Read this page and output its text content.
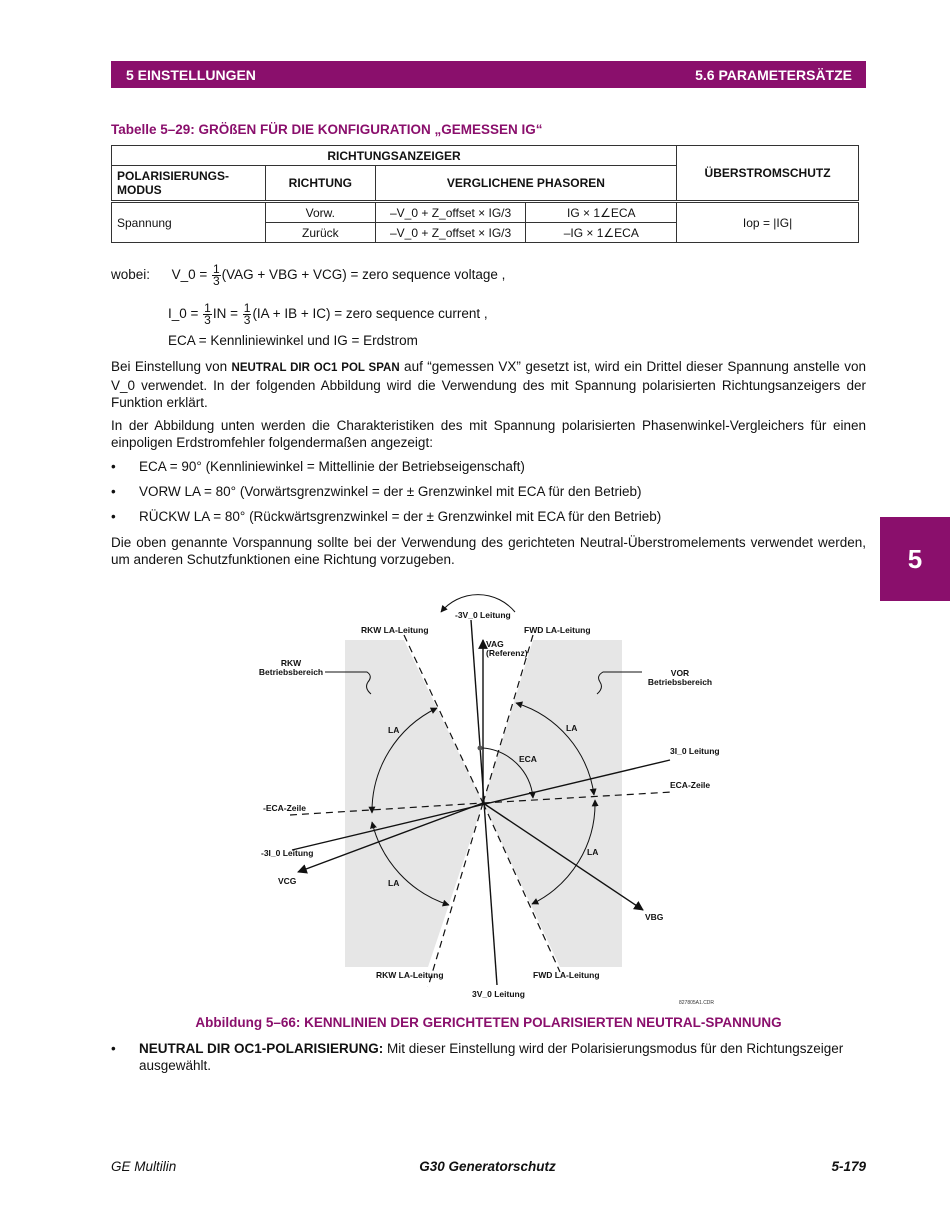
5 EINSTELLUNGEN	5.6 PARAMETERSÄTZE
5
Tabelle 5–29: GRÖßEN FÜR DIE KONFIGURATION „GEMESSEN IG“
RICHTUNGSANZEIGER				ÜBERSTROMSCHUTZ
POLARISIERUNGS-MODUS	RICHTUNG	VERGLICHENE PHASOREN		
Spannung	Vorw.	–V_0 + Z_offset × IG/3	IG × 1∠ECA	Iop = |IG|
	Zurück	–V_0 + Z_offset × IG/3	–IG × 1∠ECA	
wobei: V_0 = $\frac{1}{3} (VAG$ + VBG + VCG) = zero sequence voltage ,
I_0 = $\frac{1}{3}$ IN = $\frac{1}{3} (IA$ + IB + IC) = zero sequence current ,
ECA = Kennliniewinkel und IG = Erdstrom
Bei Einstellung von NEUTRAL DIR OC1 POL SPAN auf “gemessen VX” gesetzt ist, wird ein Drittel dieser Spannung anstelle von V_0 verwendet. In der folgenden Abbildung wird die Verwendung des mit Spannung polarisierten Richtungsanzeigers der Funktion erklärt.
In der Abbildung unten werden die Charakteristiken des mit Spannung polarisierten Phasenwinkel-Vergleichers für einen einpoligen Erdstromfehler folgendermaßen angezeigt:
• ECA = 90° (Kennliniewinkel = Mittellinie der Betriebseigenschaft)
• VORW LA = 80° (Vorwärtsgrenzwinkel = der ± Grenzwinkel mit ECA für den Betrieb)
• RÜCKW LA = 80° (Rückwärtsgrenzwinkel = der ± Grenzwinkel mit ECA für den Betrieb)
Die oben genannte Vorspannung sollte bei der Verwendung des gerichteten Neutral-Überstromelements verwendet werden, um anderen Schutzfunktionen eine Richtung vorzugeben.
-3V_0 Leitung
RKW LA-Leitung	FWD LA-Leitung
VAG
(Referenz)
RKW
Betriebsbereich	VOR
Betriebsbereich
LA	LA
LA
LA
ECA
3I_0 Leitung
ECA-Zeile
-ECA-Zeile
-3I_0 Leitung
VCG
VBG
RKW LA-Leitung	FWD LA-Leitung
3V_0 Leitung
827805A1.CDR
Abbildung 5–66: KENNLINIEN DER GERICHTETEN POLARISIERTEN NEUTRAL-SPANNUNG
• NEUTRAL DIR OC1-POLARISIERUNG: Mit dieser Einstellung wird der Polarisierungsmodus für den Richtungszeiger ausgewählt.
GE Multilin	G30 Generatorschutz	5-179
